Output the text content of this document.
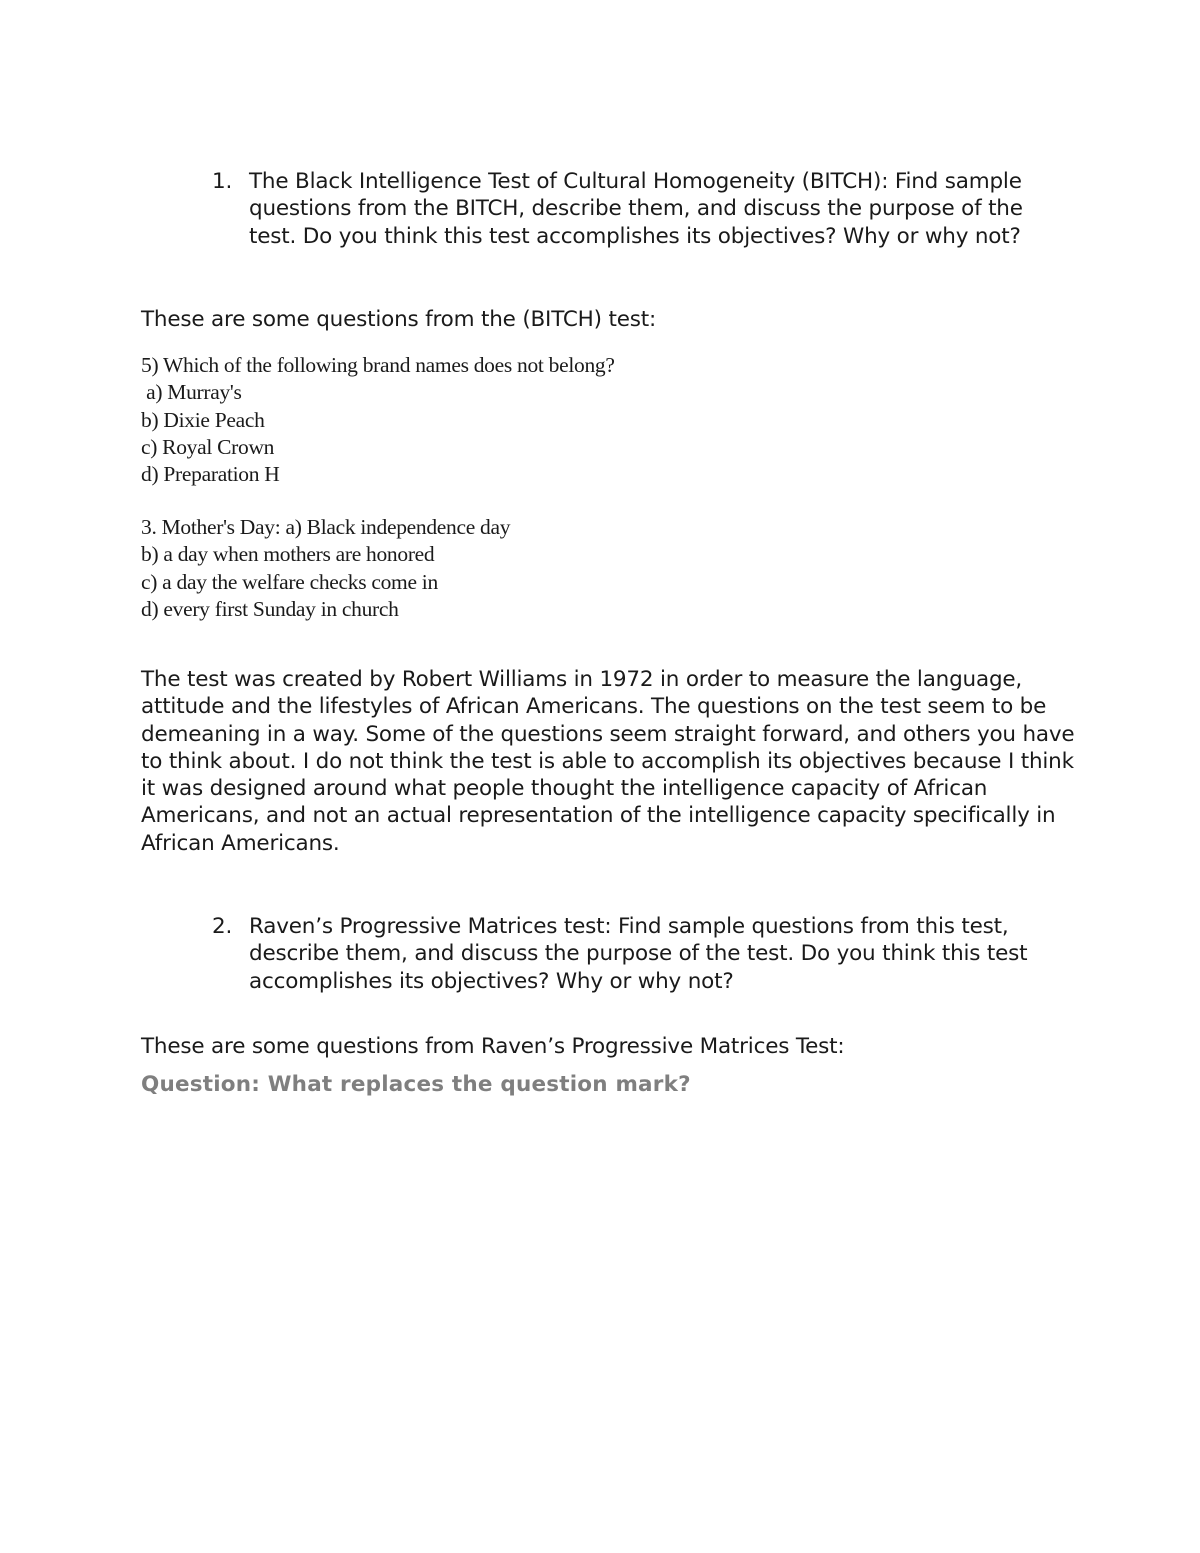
1. The Black Intelligence Test of Cultural Homogeneity (BITCH): Find sample questions from the BITCH, describe them, and discuss the purpose of the test. Do you think this test accomplishes its objectives? Why or why not?
These are some questions from the (BITCH) test:
5) Which of the following brand names does not belong?
a) Murray's
b) Dixie Peach
c) Royal Crown
d) Preparation H
3. Mother's Day: a) Black independence day
b) a day when mothers are honored
c) a day the welfare checks come in
d) every first Sunday in church
The test was created by Robert Williams in 1972 in order to measure the language, attitude and the lifestyles of African Americans. The questions on the test seem to be demeaning in a way. Some of the questions seem straight forward, and others you have to think about. I do not think the test is able to accomplish its objectives because I think it was designed around what people thought the intelligence capacity of African Americans, and not an actual representation of the intelligence capacity specifically in African Americans.
2. Raven’s Progressive Matrices test: Find sample questions from this test, describe them, and discuss the purpose of the test. Do you think this test accomplishes its objectives? Why or why not?
These are some questions from Raven’s Progressive Matrices Test:
Question: What replaces the question mark?
